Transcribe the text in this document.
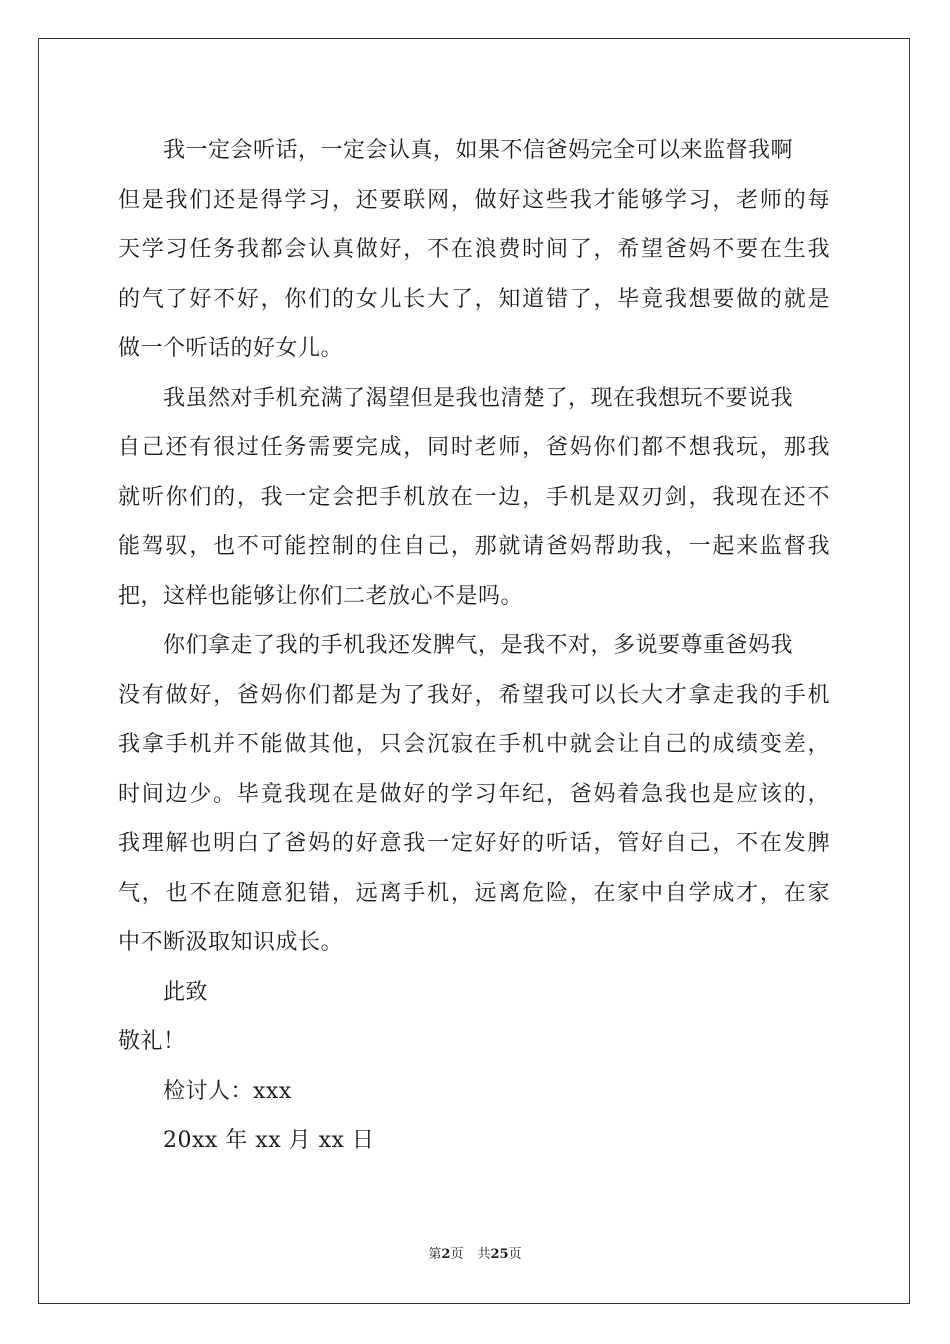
我一定会听话，一定会认真，如果不信爸妈完全可以来监督我啊
但是我们还是得学习，还要联网，做好这些我才能够学习，老师的每
天学习任务我都会认真做好，不在浪费时间了，希望爸妈不要在生我
的气了好不好，你们的女儿长大了，知道错了，毕竟我想要做的就是
做一个听话的好女儿。
我虽然对手机充满了渴望但是我也清楚了，现在我想玩不要说我
自己还有很过任务需要完成，同时老师，爸妈你们都不想我玩，那我
就听你们的，我一定会把手机放在一边，手机是双刃剑，我现在还不
能驾驭，也不可能控制的住自己，那就请爸妈帮助我，一起来监督我
把，这样也能够让你们二老放心不是吗。
你们拿走了我的手机我还发脾气，是我不对，多说要尊重爸妈我
没有做好，爸妈你们都是为了我好，希望我可以长大才拿走我的手机
我拿手机并不能做其他，只会沉寂在手机中就会让自己的成绩变差，
时间边少。毕竟我现在是做好的学习年纪，爸妈着急我也是应该的，
我理解也明白了爸妈的好意我一定好好的听话，管好自己，不在发脾
气，也不在随意犯错，远离手机，远离危险，在家中自学成才，在家
中不断汲取知识成长。
此致
敬礼！
检讨人：xxx
20xx 年 xx 月 xx 日
第2页 共25页
